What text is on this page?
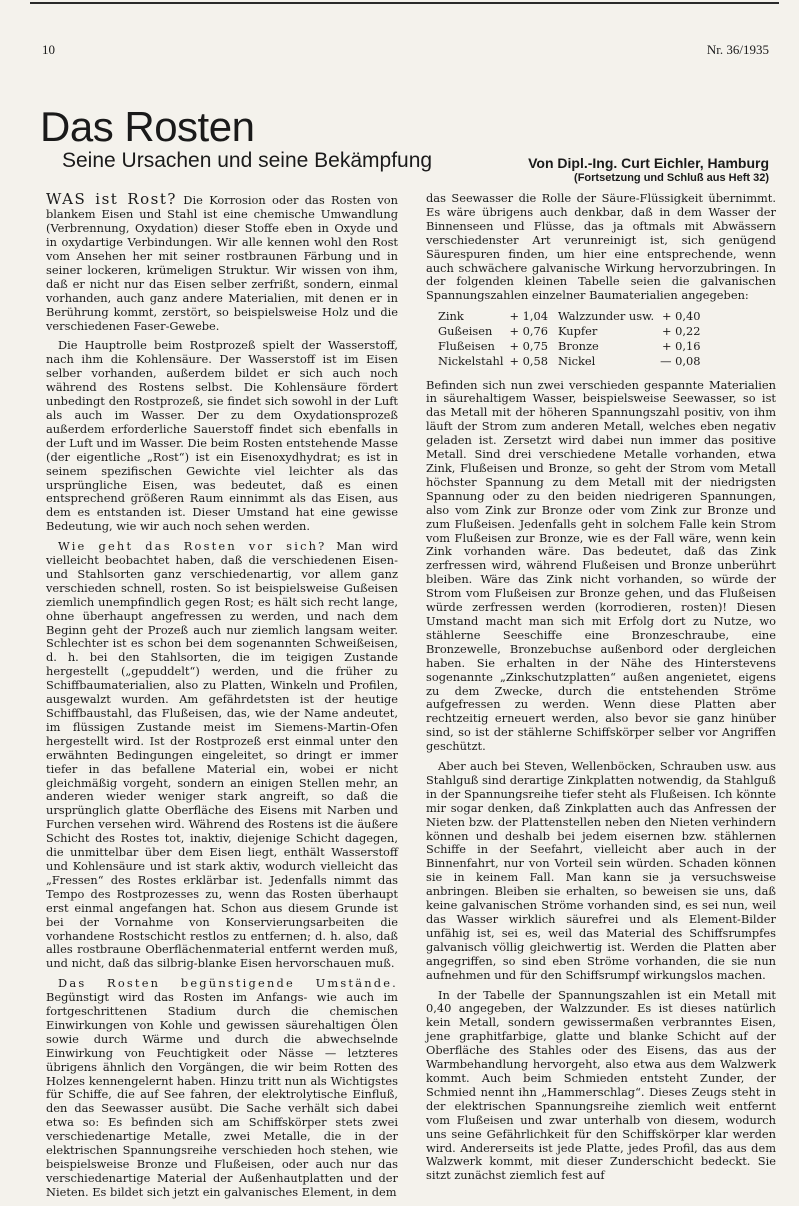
10	Nr. 36/1935
Das Rosten
Seine Ursachen und seine Bekämpfung	Von Dipl.-Ing. Curt Eichler, Hamburg
(Fortsetzung und Schluß aus Heft 32)

WAS ist Rost? Die Korrosion oder das Rosten von blankem Eisen und Stahl ist eine chemische Umwandlung (Verbrennung, Oxydation) dieser Stoffe eben in Oxyde und in oxydartige Verbindungen. Wir alle kennen wohl den Rost vom Ansehen her mit seiner rostbraunen Färbung und in seiner lockeren, krümeligen Struktur. Wir wissen von ihm, daß er nicht nur das Eisen selber zerfrißt, sondern, einmal vorhanden, auch ganz andere Materialien, mit denen er in Berührung kommt, zerstört, so beispielsweise Holz und die verschiedenen Faser-Gewebe.

Die Hauptrolle beim Rostprozeß spielt der Wasserstoff, nach ihm die Kohlensäure. Der Wasserstoff ist im Eisen selber vorhanden, außerdem bildet er sich auch noch während des Rostens selbst. Die Kohlensäure fördert unbedingt den Rostprozeß, sie findet sich sowohl in der Luft als auch im Wasser. Der zu dem Oxydationsprozeß außerdem erforderliche Sauerstoff findet sich ebenfalls in der Luft und im Wasser. Die beim Rosten entstehende Masse (der eigentliche „Rost“) ist ein Eisenoxydhydrat; es ist in seinem spezifischen Gewichte viel leichter als das ursprüngliche Eisen, was bedeutet, daß es einen entsprechend größeren Raum einnimmt als das Eisen, aus dem es entstanden ist. Dieser Umstand hat eine gewisse Bedeutung, wie wir auch noch sehen werden.

Wie geht das Rosten vor sich? Man wird vielleicht beobachtet haben, daß die verschiedenen Eisen- und Stahlsorten ganz verschiedenartig, vor allem ganz verschieden schnell, rosten. So ist beispielsweise Gußeisen ziemlich unempfindlich gegen Rost; es hält sich recht lange, ohne überhaupt angefressen zu werden, und nach dem Beginn geht der Prozeß auch nur ziemlich langsam weiter. Schlechter ist es schon bei dem sogenannten Schweißeisen, d. h. bei den Stahlsorten, die im teigigen Zustande hergestellt („gepuddelt“) werden, und die früher zu Schiffbaumaterialien, also zu Platten, Winkeln und Profilen, ausgewalzt wurden. Am gefährdetsten ist der heutige Schiffbaustahl, das Flußeisen, das, wie der Name andeutet, im flüssigen Zustande meist im Siemens-Martin-Ofen hergestellt wird. Ist der Rostprozeß erst einmal unter den erwähnten Bedingungen eingeleitet, so dringt er immer tiefer in das befallene Material ein, wobei er nicht gleichmäßig vorgeht, sondern an einigen Stellen mehr, an anderen wieder weniger stark angreift, so daß die ursprünglich glatte Oberfläche des Eisens mit Narben und Furchen versehen wird. Während des Rostens ist die äußere Schicht des Rostes tot, inaktiv, diejenige Schicht dagegen, die unmittelbar über dem Eisen liegt, enthält Wasserstoff und Kohlensäure und ist stark aktiv, wodurch vielleicht das „Fressen“ des Rostes erklärbar ist. Jedenfalls nimmt das Tempo des Rostprozesses zu, wenn das Rosten überhaupt erst einmal angefangen hat. Schon aus diesem Grunde ist bei der Vornahme von Konservierungsarbeiten die vorhandene Rostschicht restlos zu entfernen; d. h. also, daß alles rostbraune Oberflächenmaterial entfernt werden muß, und nicht, daß das silbrig-blanke Eisen hervorschauen muß.

Das Rosten begünstigende Umstände. Begünstigt wird das Rosten im Anfangs- wie auch im fortgeschrittenen Stadium durch die chemischen Einwirkungen von Kohle und gewissen säurehaltigen Ölen sowie durch Wärme und durch die abwechselnde Einwirkung von Feuchtigkeit oder Nässe — letzteres übrigens ähnlich den Vorgängen, die wir beim Rotten des Holzes kennengelernt haben. Hinzu tritt nun als Wichtigstes für Schiffe, die auf See fahren, der elektrolytische Einfluß, den das Seewasser ausübt. Die Sache verhält sich dabei etwa so: Es befinden sich am Schiffskörper stets zwei verschiedenartige Metalle, zwei Metalle, die in der elektrischen Spannungsreihe verschieden hoch stehen, wie beispielsweise Bronze und Flußeisen, oder auch nur das verschiedenartige Material der Außenhautplatten und der Nieten. Es bildet sich jetzt ein galvanisches Element, in dem

das Seewasser die Rolle der Säure-Flüssigkeit übernimmt. Es wäre übrigens auch denkbar, daß in dem Wasser der Binnenseen und Flüsse, das ja oftmals mit Abwässern verschiedenster Art verunreinigt ist, sich genügend Säurespuren finden, um hier eine entsprechende, wenn auch schwächere galvanische Wirkung hervorzubringen. In der folgenden kleinen Tabelle seien die galvanischen Spannungszahlen einzelner Baumaterialien angegeben:

Zink	+ 1,04	Walzzunder usw.	+ 0,40
Gußeisen	+ 0,76	Kupfer	+ 0,22
Flußeisen	+ 0,75	Bronze	+ 0,16
Nickelstahl	+ 0,58	Nickel	— 0,08

Befinden sich nun zwei verschieden gespannte Materialien in säurehaltigem Wasser, beispielsweise Seewasser, so ist das Metall mit der höheren Spannungszahl positiv, von ihm läuft der Strom zum anderen Metall, welches eben negativ geladen ist. Zersetzt wird dabei nun immer das positive Metall. Sind drei verschiedene Metalle vorhanden, etwa Zink, Flußeisen und Bronze, so geht der Strom vom Metall höchster Spannung zu dem Metall mit der niedrigsten Spannung oder zu den beiden niedrigeren Spannungen, also vom Zink zur Bronze oder vom Zink zur Bronze und zum Flußeisen. Jedenfalls geht in solchem Falle kein Strom vom Flußeisen zur Bronze, wie es der Fall wäre, wenn kein Zink vorhanden wäre. Das bedeutet, daß das Zink zerfressen wird, während Flußeisen und Bronze unberührt bleiben. Wäre das Zink nicht vorhanden, so würde der Strom vom Flußeisen zur Bronze gehen, und das Flußeisen würde zerfressen werden (korrodieren, rosten)! Diesen Umstand macht man sich mit Erfolg dort zu Nutze, wo stählerne Seeschiffe eine Bronzeschraube, eine Bronzewelle, Bronzebuchse außenbord oder dergleichen haben. Sie erhalten in der Nähe des Hinterstevens sogenannte „Zinkschutzplatten“ außen angenietet, eigens zu dem Zwecke, durch die entstehenden Ströme aufgefressen zu werden. Wenn diese Platten aber rechtzeitig erneuert werden, also bevor sie ganz hinüber sind, so ist der stählerne Schiffskörper selber vor Angriffen geschützt.

Aber auch bei Steven, Wellenböcken, Schrauben usw. aus Stahlguß sind derartige Zinkplatten notwendig, da Stahlguß in der Spannungsreihe tiefer steht als Flußeisen. Ich könnte mir sogar denken, daß Zinkplatten auch das Anfressen der Nieten bzw. der Plattenstellen neben den Nieten verhindern können und deshalb bei jedem eisernen bzw. stählernen Schiffe in der Seefahrt, vielleicht aber auch in der Binnenfahrt, nur von Vorteil sein würden. Schaden können sie in keinem Fall. Man kann sie ja versuchsweise anbringen. Bleiben sie erhalten, so beweisen sie uns, daß keine galvanischen Ströme vorhanden sind, es sei nun, weil das Wasser wirklich säurefrei und als Element-Bilder unfähig ist, sei es, weil das Material des Schiffsrumpfes galvanisch völlig gleichwertig ist. Werden die Platten aber angegriffen, so sind eben Ströme vorhanden, die sie nun aufnehmen und für den Schiffsrumpf wirkungslos machen.

In der Tabelle der Spannungszahlen ist ein Metall mit 0,40 angegeben, der Walzzunder. Es ist dieses natürlich kein Metall, sondern gewissermaßen verbranntes Eisen, jene graphitfarbige, glatte und blanke Schicht auf der Oberfläche des Stahles oder des Eisens, das aus der Warmbehandlung hervorgeht, also etwa aus dem Walzwerk kommt. Auch beim Schmieden entsteht Zunder, der Schmied nennt ihn „Hammerschlag“. Dieses Zeugs steht in der elektrischen Spannungsreihe ziemlich weit entfernt vom Flußeisen und zwar unterhalb von diesem, wodurch uns seine Gefährlichkeit für den Schiffskörper klar werden wird. Andererseits ist jede Platte, jedes Profil, das aus dem Walzwerk kommt, mit dieser Zunderschicht bedeckt. Sie sitzt zunächst ziemlich fest auf
